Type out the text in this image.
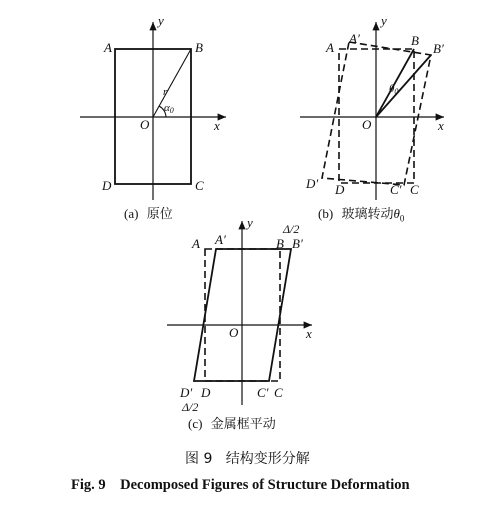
A	B
C
D
O	x
y
r
α0
A
A′	B
B′
C
C′
D
D′
O	x
y
θ0
A A′
Δ/2
B B′
D′ D	C′ C
Δ/2
O	x
y
(a) 原位	(b) 玻璃转动$\theta_0$
(c) 金属框平动
图 9   结构变形分解
Fig. 9    Decomposed Figures of Structure Deformation
